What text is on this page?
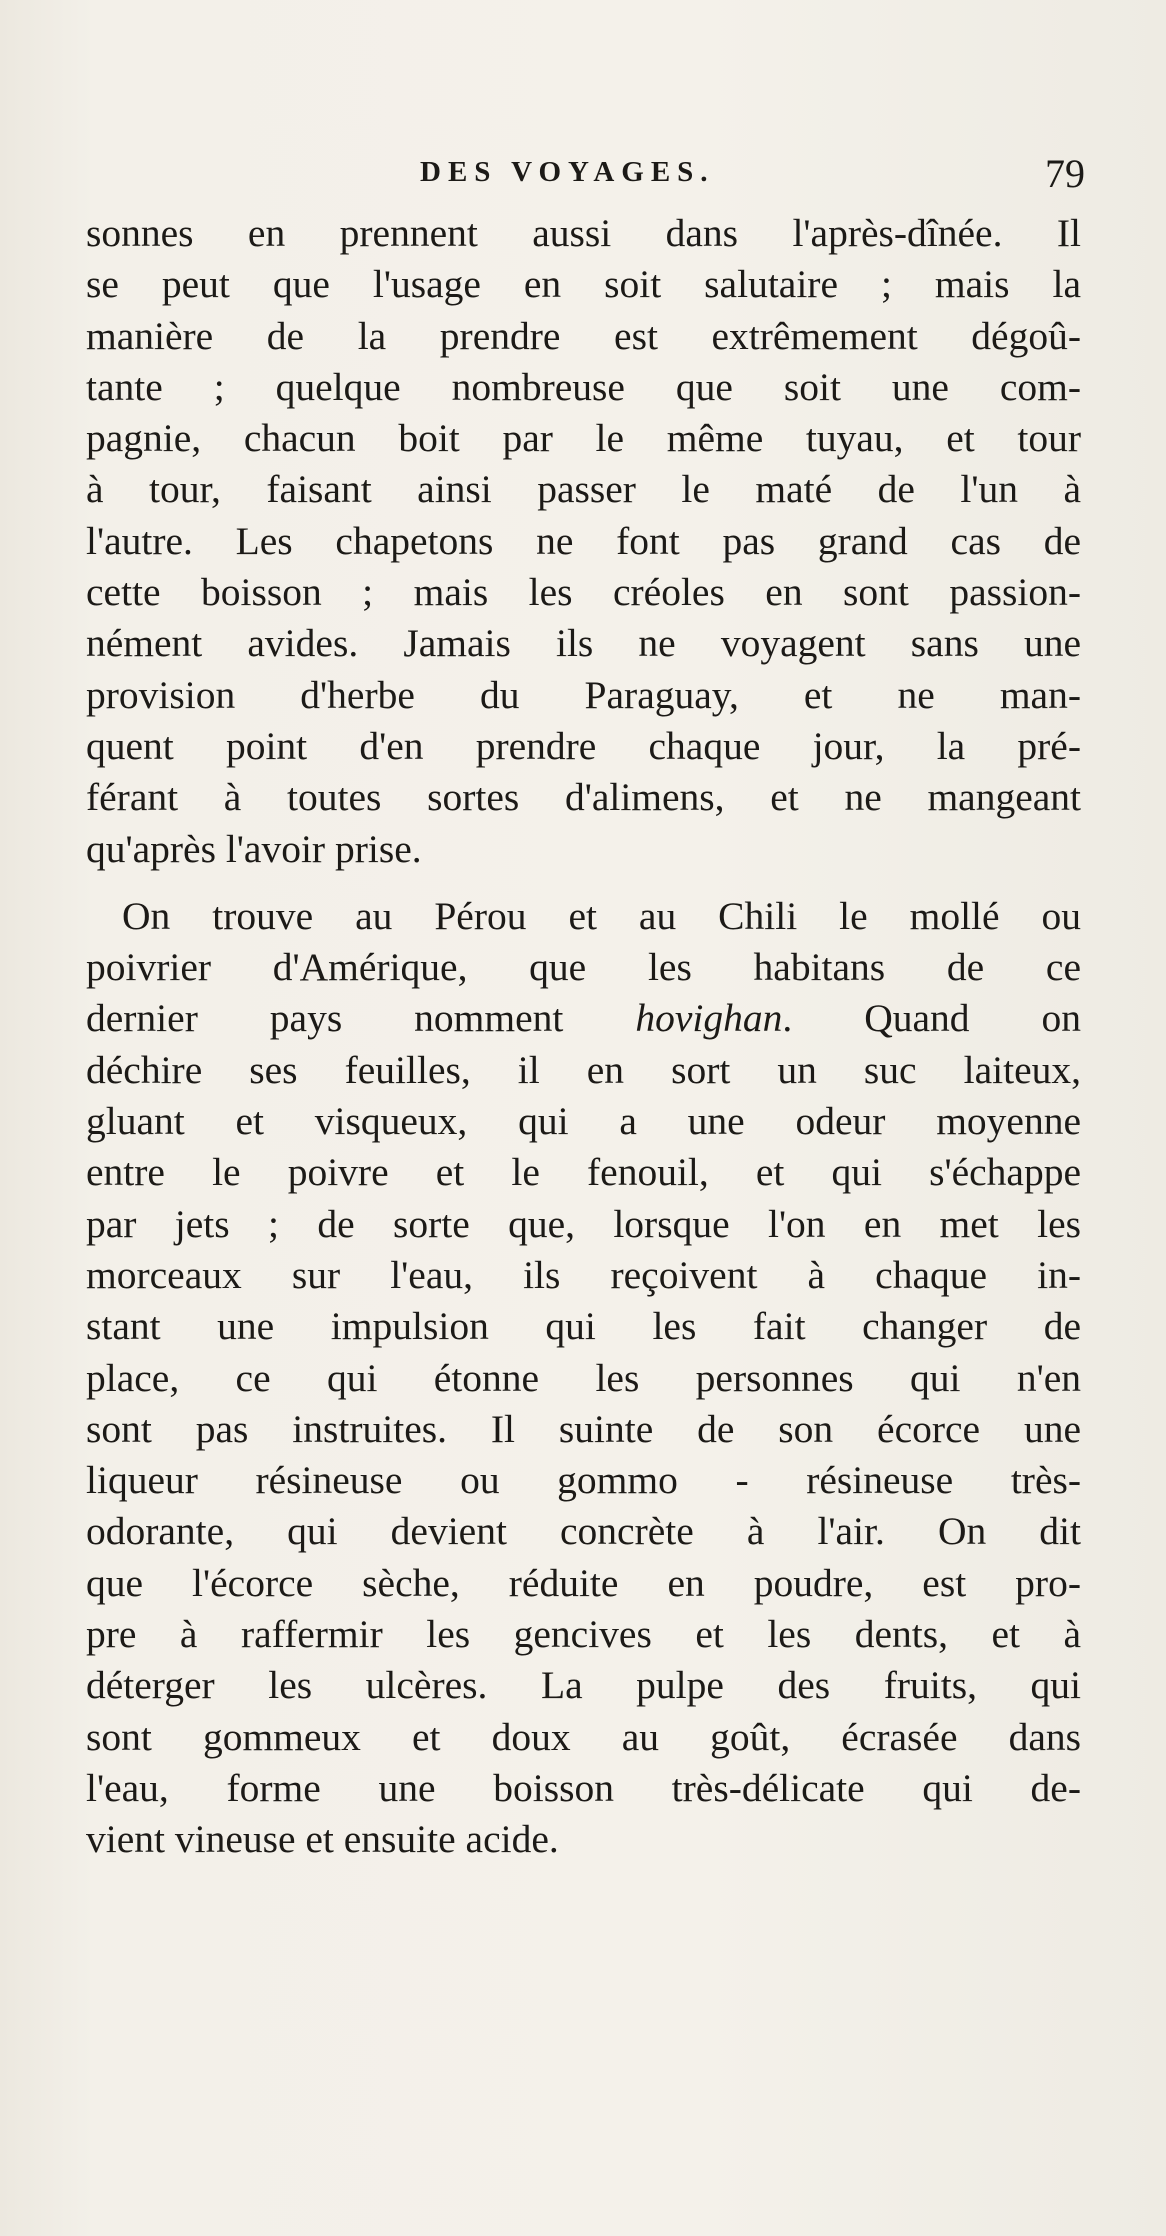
DES VOYAGES.	79

sonnes en prennent aussi dans l'après-dînée. Il

se peut que l'usage en soit salutaire ; mais la

manière de la prendre est extrêmement dégoû-

tante ; quelque nombreuse que soit une com-

pagnie, chacun boit par le même tuyau, et tour

à tour, faisant ainsi passer le maté de l'un à

l'autre. Les chapetons ne font pas grand cas de

cette boisson ; mais les créoles en sont passion-

nément avides. Jamais ils ne voyagent sans une

provision d'herbe du Paraguay, et ne man-

quent point d'en prendre chaque jour, la pré-

férant à toutes sortes d'alimens, et ne mangeant

qu'après l'avoir prise.

On trouve au Pérou et au Chili le mollé ou

poivrier d'Amérique, que les habitans de ce

dernier pays nomment hovighan. Quand on

déchire ses feuilles, il en sort un suc laiteux,

gluant et visqueux, qui a une odeur moyenne

entre le poivre et le fenouil, et qui s'échappe

par jets ; de sorte que, lorsque l'on en met les

morceaux sur l'eau, ils reçoivent à chaque in-

stant une impulsion qui les fait changer de

place, ce qui étonne les personnes qui n'en

sont pas instruites. Il suinte de son écorce une

liqueur résineuse ou gommo - résineuse très-

odorante, qui devient concrète à l'air. On dit

que l'écorce sèche, réduite en poudre, est pro-

pre à raffermir les gencives et les dents, et à

déterger les ulcères. La pulpe des fruits, qui

sont gommeux et doux au goût, écrasée dans

l'eau, forme une boisson très-délicate qui de-

vient vineuse et ensuite acide.
